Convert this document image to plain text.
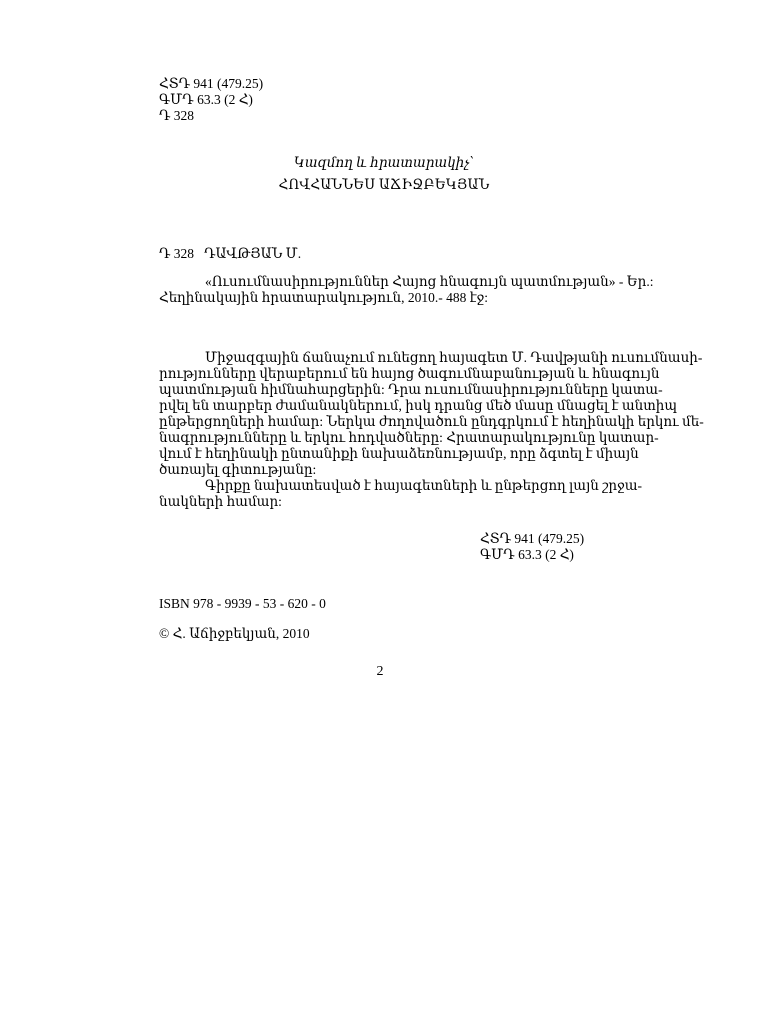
ՀՏԴ 941 (479.25)
ԳՄԴ 63.3 (2 Հ)
Դ 328
Կազմող և հրատարակիչ՝
ՀՈՎՀԱՆՆԵՍ ԱՃԻՋԲԵԿՅԱՆ
Դ 328 ԴԱՎԹՅԱՆ Մ.
«Ուսումնասիրություններ Հայոց հնագույն պատմության» - Եր.:
Հեղինակային հրատարակություն, 2010.- 488 էջ:
Միջազգային ճանաչում ունեցող հայագետ Մ. Դավթյանի ուսումնասի-
րությունները վերաբերում են հայոց ծագումնաբանության և հնագույն
պատմության հիմնահարցերին: Դրա ուսումնասիրությունները կատա-
րվել են տարբեր ժամանակներում, իսկ դրանց մեծ մասը մնացել է անտիպ
ընթերցողների համար: Ներկա ժողովածուն ընդգրկում է հեղինակի երկու մե-
նագրությունները և երկու հոդվածները: Հրատարակությունը կատար-
վում է հեղինակի ընտանիքի նախաձեռնությամբ, որը ձգտել է միայն
ծառայել գիտությանը:
Գիրքը նախատեսված է հայագետների և ընթերցող լայն շրջա-
նակների համար:
ՀՏԴ 941 (479.25)
ԳՄԴ 63.3 (2 Հ)
ISBN 978 - 9939 - 53 - 620 - 0
© Հ. Աճիջբեկյան, 2010
2
